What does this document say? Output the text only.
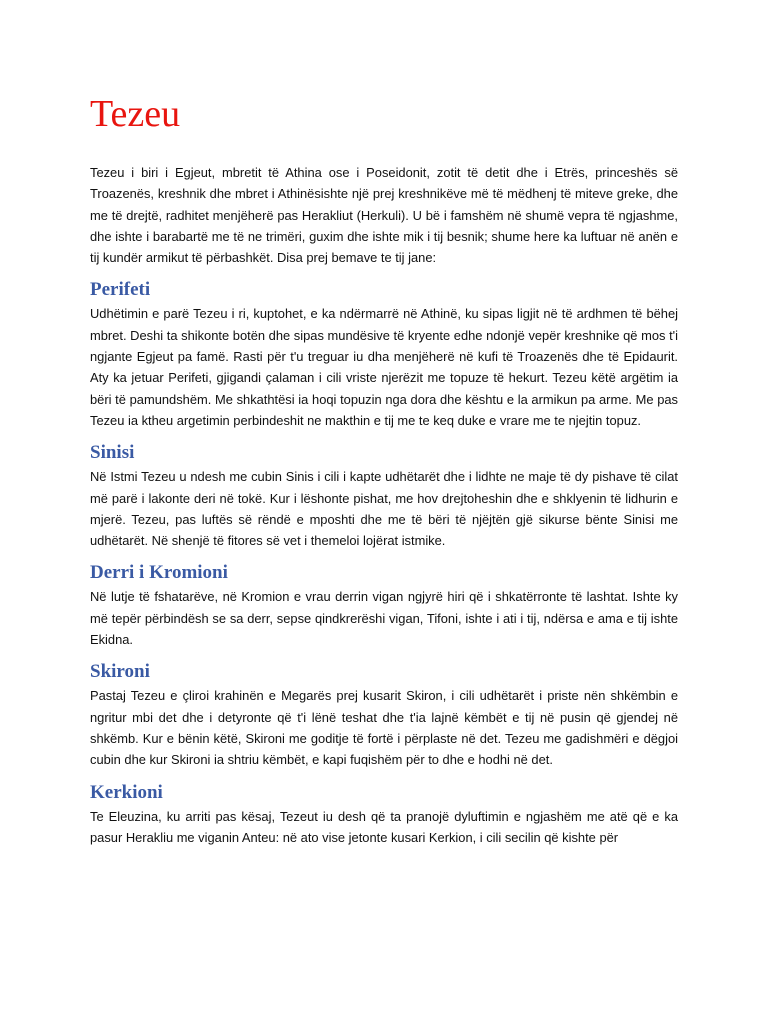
Tezeu

Tezeu i biri i Egjeut, mbretit të Athina ose i Poseidonit, zotit të detit dhe i Etrës, princeshës së Troazenës, kreshnik dhe mbret i Athinësishte një prej kreshnikëve më të mëdhenj të miteve greke, dhe me të drejtë, radhitet menjëherë pas Herakliut (Herkuli). U bë i famshëm në shumë vepra të ngjashme, dhe ishte i barabartë me të ne trimëri, guxim dhe ishte mik i tij besnik; shume here ka luftuar në anën e tij kundër armikut të përbashkët. Disa prej bemave te tij jane:

Perifeti

Udhëtimin e parë Tezeu i ri, kuptohet, e ka ndërmarrë në Athinë, ku sipas ligjit në të ardhmen të bëhej mbret. Deshi ta shikonte botën dhe sipas mundësive të kryente edhe ndonjë vepër kreshnike që mos t'i ngjante Egjeut pa famë. Rasti për t'u treguar iu dha menjëherë në kufi të Troazenës dhe të Epidaurit. Aty ka jetuar Perifeti, gjigandi çalaman i cili vriste njerëzit me topuze të hekurt. Tezeu këtë argëtim ia bëri të pamundshëm. Me shkathtësi ia hoqi topuzin nga dora dhe kështu e la armikun pa arme. Me pas Tezeu ia ktheu argetimin perbindeshit ne makthin e tij me te keq duke e vrare me te njejtin topuz.

Sinisi

Në Istmi Tezeu u ndesh me cubin Sinis i cili i kapte udhëtarët dhe i lidhte ne maje të dy pishave të cilat më parë i lakonte deri në tokë. Kur i lëshonte pishat, me hov drejtoheshin dhe e shklyenin të lidhurin e mjerë. Tezeu, pas luftës së rëndë e mposhti dhe me të bëri të njëjtën gjë sikurse bënte Sinisi me udhëtarët. Në shenjë të fitores së vet i themeloi lojërat istmike.

Derri i Kromioni

Në lutje të fshatarëve, në Kromion e vrau derrin vigan ngjyrë hiri që i shkatërronte të lashtat. Ishte ky më tepër përbindësh se sa derr, sepse qindkrerëshi vigan, Tifoni, ishte i ati i tij, ndërsa e ama e tij ishte Ekidna.

Skironi

Pastaj Tezeu e çliroi krahinën e Megarës prej kusarit Skiron, i cili udhëtarët i priste nën shkëmbin e ngritur mbi det dhe i detyronte që t'i lënë teshat dhe t'ia lajnë këmbët e tij në pusin që gjendej në shkëmb. Kur e bënin këtë, Skironi me goditje të fortë i përplaste në det. Tezeu me gadishmëri e dëgjoi cubin dhe kur Skironi ia shtriu këmbët, e kapi fuqishëm për to dhe e hodhi në det.

Kerkioni

Te Eleuzina, ku arriti pas kësaj, Tezeut iu desh që ta pranojë dyluftimin e ngjashëm me atë që e ka pasur Herakliu me viganin Anteu: në ato vise jetonte kusari Kerkion, i cili secilin që kishte për
